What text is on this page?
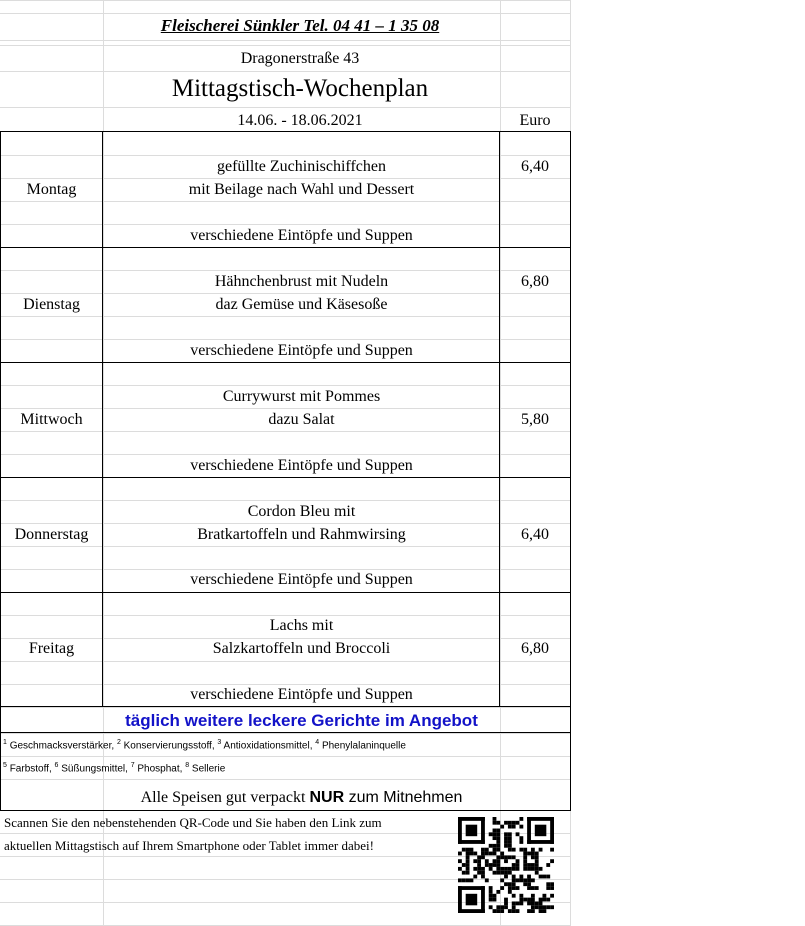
Fleischerei Sünkler Tel. 04 41 – 1 35 08
Dragonerstraße 43
Mittagstisch-Wochenplan
14.06. - 18.06.2021	Euro
Montag
gefüllte Zuchinischiffchen
mit Beilage nach Wahl und Dessert
verschiedene Eintöpfe und Suppen
6,40
Dienstag
Hähnchenbrust mit Nudeln
daz Gemüse und Käsesoße
verschiedene Eintöpfe und Suppen
6,80
Mittwoch
Currywurst mit Pommes
dazu Salat
verschiedene Eintöpfe und Suppen
5,80
Donnerstag
Cordon Bleu mit
Bratkartoffeln und Rahmwirsing
verschiedene Eintöpfe und Suppen
6,40
Freitag
Lachs mit
Salzkartoffeln und Broccoli
verschiedene Eintöpfe und Suppen
6,80
täglich weitere leckere Gerichte im Angebot
$^1$ Geschmacksverstärker, $^2$ Konservierungsstoff, $^3$ Antioxidationsmittel, $^4$ Phenylalaninquelle
$^5$ Farbstoff, $^6$ Süßungsmittel, $^7$ Phosphat, $^8$ Sellerie
Alle Speisen gut verpackt NUR zum Mitnehmen
Scannen Sie den nebenstehenden QR-Code und Sie haben den Link zum
aktuellen Mittagstisch auf Ihrem Smartphone oder Tablet immer dabei!
